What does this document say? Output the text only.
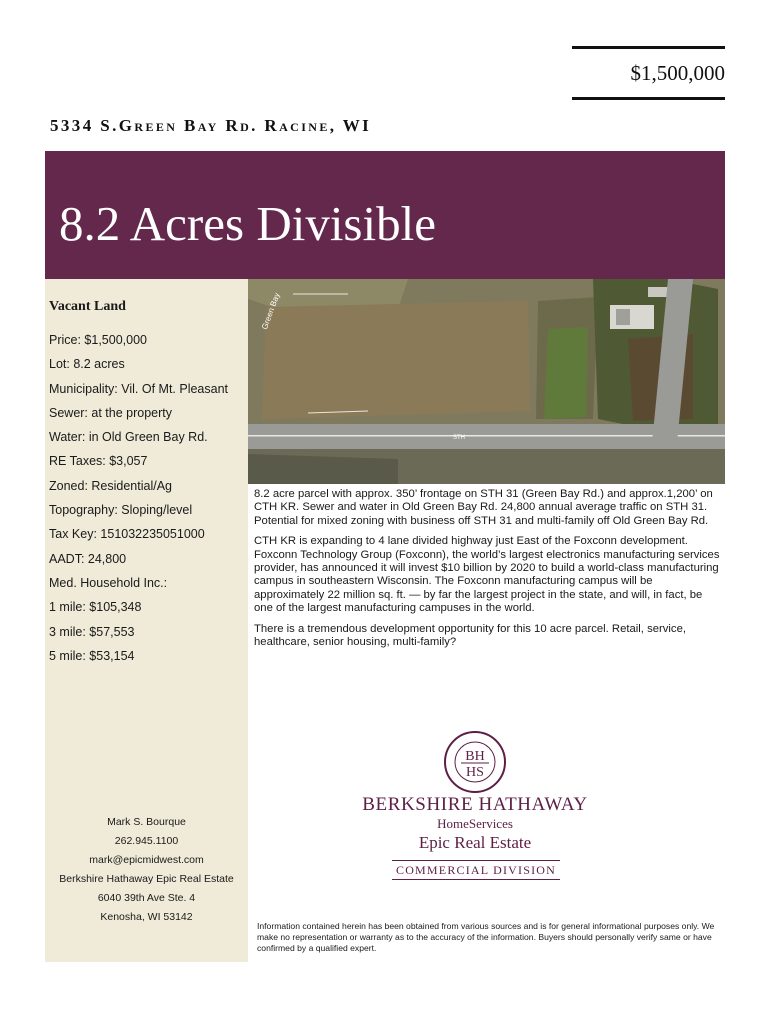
$1,500,000
5334 S.Green Bay Rd. Racine, WI
8.2 Acres Divisible
Vacant Land
Price: $1,500,000
Lot: 8.2 acres
Municipality: Vil. Of Mt. Pleasant
Sewer: at the property
Water: in Old Green Bay Rd.
RE Taxes: $3,057
Zoned: Residential/Ag
Topography: Sloping/level
Tax Key: 151032235051000
AADT: 24,800
Med. Household Inc.:
1 mile: $105,348
3 mile: $57,553
5 mile: $53,154
Mark S. Bourque
262.945.1100
mark@epicmidwest.com
Berkshire Hathaway Epic Real Estate
6040 39th Ave Ste. 4
Kenosha, WI 53142
Green Bay
STH

8.2 acre parcel with approx. 350’ frontage on STH 31 (Green Bay Rd.) and approx.1,200’ on CTH KR. Sewer and water in Old Green Bay Rd. 24,800 annual average traffic on STH 31. Potential for mixed zoning with business off STH 31 and multi-family off Old Green Bay Rd.

CTH KR is expanding to 4 lane divided highway just East of the Foxconn development. Foxconn Technology Group (Foxconn), the world’s largest electronics manufacturing services provider, has announced it will invest $10 billion by 2020 to build a world-class manufacturing campus in southeastern Wisconsin. The Foxconn manufacturing campus will be approximately 22 million sq. ft. — by far the largest project in the state, and will, in fact, be one of the largest manufacturing campuses in the world.

There is a tremendous development opportunity for this 10 acre parcel. Retail, service, healthcare, senior housing, multi-family?

BH
HS
BERKSHIRE HATHAWAY
HomeServices
Epic Real Estate
COMMERCIAL DIVISION
Information contained herein has been obtained from various sources and is for general informational purposes only. We make no representation or warranty as to the accuracy of the information. Buyers should personally verify same or have confirmed by a qualified expert.
